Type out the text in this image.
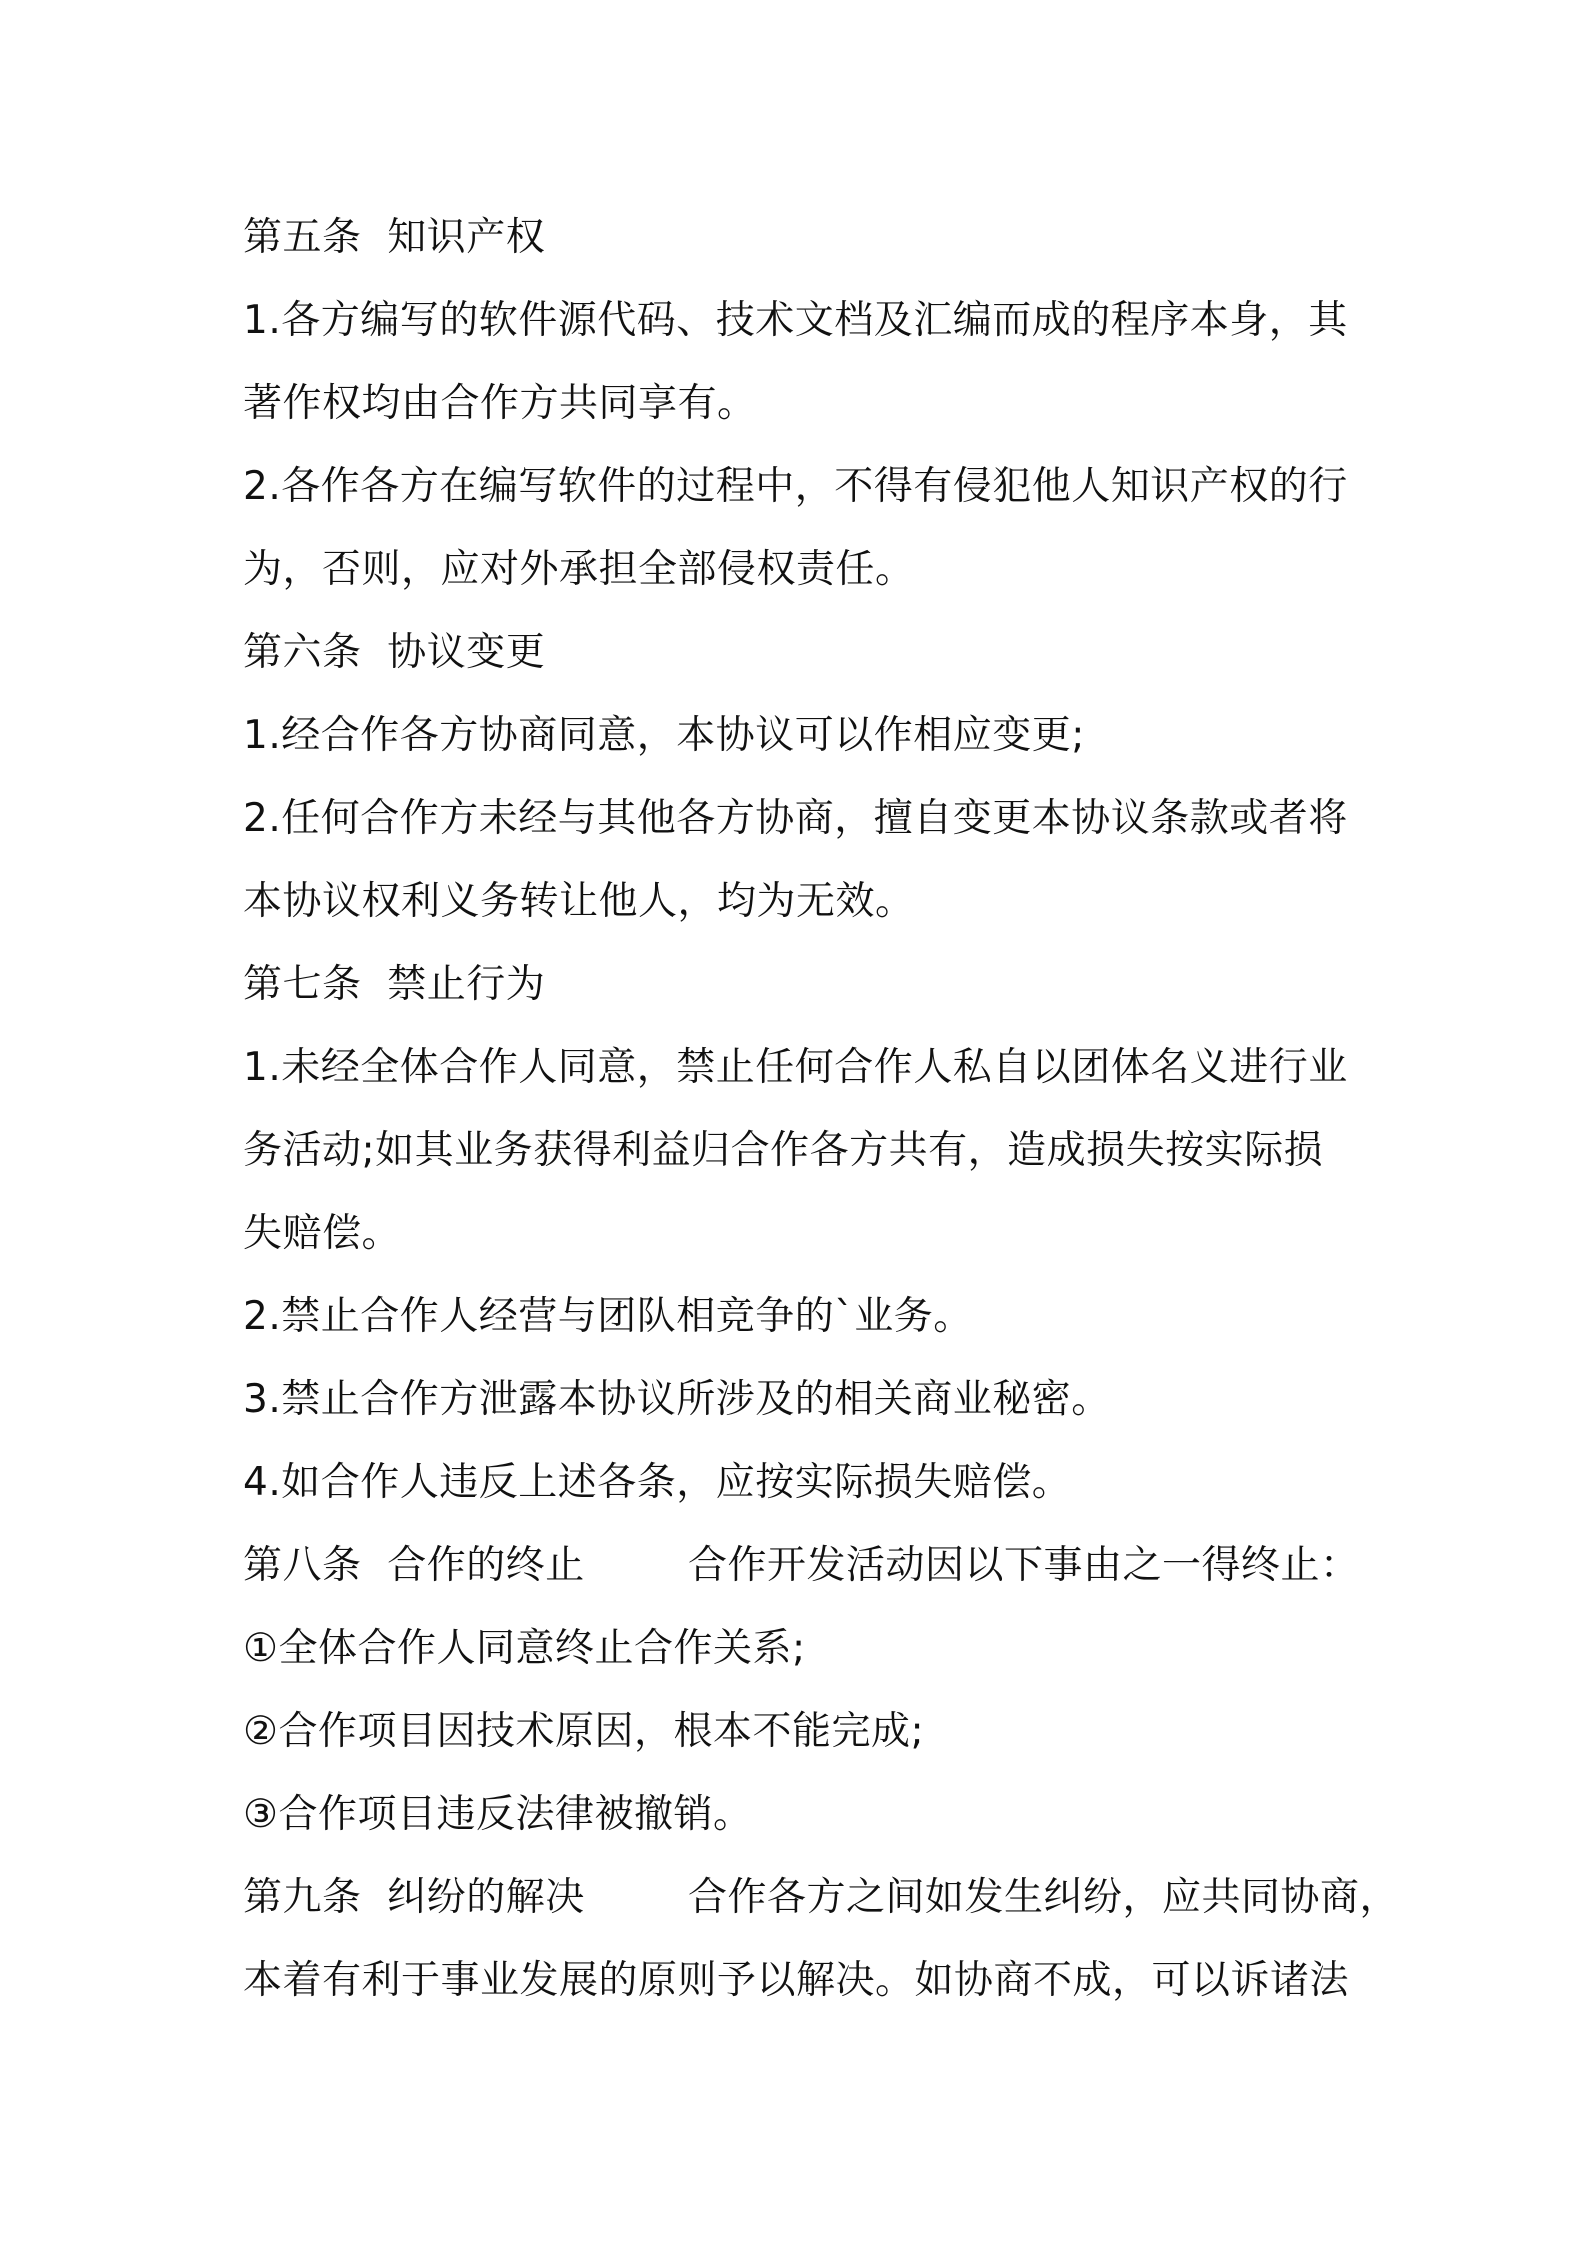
第五条  知识产权
1.各方编写的软件源代码、技术文档及汇编而成的程序本身，其
著作权均由合作方共同享有。
2.各作各方在编写软件的过程中，不得有侵犯他人知识产权的行
为，否则，应对外承担全部侵权责任。
第六条  协议变更
1.经合作各方协商同意，本协议可以作相应变更;
2.任何合作方未经与其他各方协商，擅自变更本协议条款或者将
本协议权利义务转让他人，均为无效。
第七条  禁止行为
1.未经全体合作人同意，禁止任何合作人私自以团体名义进行业
务活动;如其业务获得利益归合作各方共有，造成损失按实际损
失赔偿。
2.禁止合作人经营与团队相竞争的`业务。
3.禁止合作方泄露本协议所涉及的相关商业秘密。
4.如合作人违反上述各条，应按实际损失赔偿。
第八条  合作的终止        合作开发活动因以下事由之一得终止：
①全体合作人同意终止合作关系;
②合作项目因技术原因，根本不能完成;
③合作项目违反法律被撤销。
第九条  纠纷的解决        合作各方之间如发生纠纷，应共同协商，
本着有利于事业发展的原则予以解决。如协商不成，可以诉诸法
